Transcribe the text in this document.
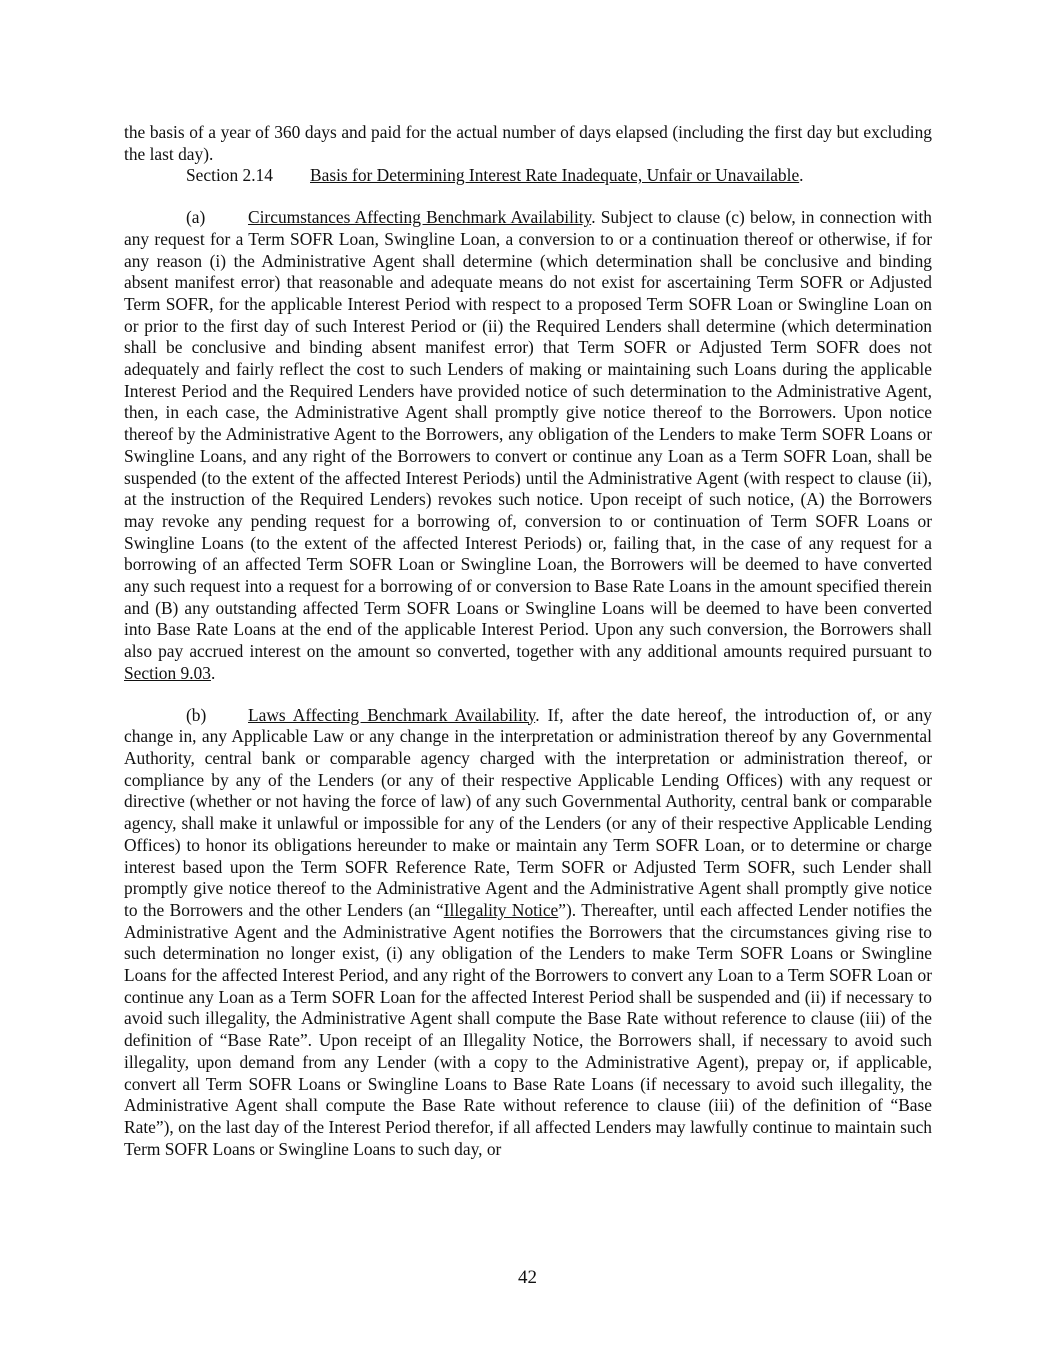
the basis of a year of 360 days and paid for the actual number of days elapsed (including the first day but excluding the last day).

Section 2.14 Basis for Determining Interest Rate Inadequate, Unfair or Unavailable.

(a) Circumstances Affecting Benchmark Availability. Subject to clause (c) below, in connection with any request for a Term SOFR Loan, Swingline Loan, a conversion to or a continuation thereof or otherwise, if for any reason (i) the Administrative Agent shall determine (which determination shall be conclusive and binding absent manifest error) that reasonable and adequate means do not exist for ascertaining Term SOFR or Adjusted Term SOFR, for the applicable Interest Period with respect to a proposed Term SOFR Loan or Swingline Loan on or prior to the first day of such Interest Period or (ii) the Required Lenders shall determine (which determination shall be conclusive and binding absent manifest error) that Term SOFR or Adjusted Term SOFR does not adequately and fairly reflect the cost to such Lenders of making or maintaining such Loans during the applicable Interest Period and the Required Lenders have provided notice of such determination to the Administrative Agent, then, in each case, the Administrative Agent shall promptly give notice thereof to the Borrowers. Upon notice thereof by the Administrative Agent to the Borrowers, any obligation of the Lenders to make Term SOFR Loans or Swingline Loans, and any right of the Borrowers to convert or continue any Loan as a Term SOFR Loan, shall be suspended (to the extent of the affected Interest Periods) until the Administrative Agent (with respect to clause (ii), at the instruction of the Required Lenders) revokes such notice. Upon receipt of such notice, (A) the Borrowers may revoke any pending request for a borrowing of, conversion to or continuation of Term SOFR Loans or Swingline Loans (to the extent of the affected Interest Periods) or, failing that, in the case of any request for a borrowing of an affected Term SOFR Loan or Swingline Loan, the Borrowers will be deemed to have converted any such request into a request for a borrowing of or conversion to Base Rate Loans in the amount specified therein and (B) any outstanding affected Term SOFR Loans or Swingline Loans will be deemed to have been converted into Base Rate Loans at the end of the applicable Interest Period. Upon any such conversion, the Borrowers shall also pay accrued interest on the amount so converted, together with any additional amounts required pursuant to Section 9.03.

(b) Laws Affecting Benchmark Availability. If, after the date hereof, the introduction of, or any change in, any Applicable Law or any change in the interpretation or administration thereof by any Governmental Authority, central bank or comparable agency charged with the interpretation or administration thereof, or compliance by any of the Lenders (or any of their respective Applicable Lending Offices) with any request or directive (whether or not having the force of law) of any such Governmental Authority, central bank or comparable agency, shall make it unlawful or impossible for any of the Lenders (or any of their respective Applicable Lending Offices) to honor its obligations hereunder to make or maintain any Term SOFR Loan, or to determine or charge interest based upon the Term SOFR Reference Rate, Term SOFR or Adjusted Term SOFR, such Lender shall promptly give notice thereof to the Administrative Agent and the Administrative Agent shall promptly give notice to the Borrowers and the other Lenders (an “Illegality Notice”). Thereafter, until each affected Lender notifies the Administrative Agent and the Administrative Agent notifies the Borrowers that the circumstances giving rise to such determination no longer exist, (i) any obligation of the Lenders to make Term SOFR Loans or Swingline Loans for the affected Interest Period, and any right of the Borrowers to convert any Loan to a Term SOFR Loan or continue any Loan as a Term SOFR Loan for the affected Interest Period shall be suspended and (ii) if necessary to avoid such illegality, the Administrative Agent shall compute the Base Rate without reference to clause (iii) of the definition of “Base Rate”. Upon receipt of an Illegality Notice, the Borrowers shall, if necessary to avoid such illegality, upon demand from any Lender (with a copy to the Administrative Agent), prepay or, if applicable, convert all Term SOFR Loans or Swingline Loans to Base Rate Loans (if necessary to avoid such illegality, the Administrative Agent shall compute the Base Rate without reference to clause (iii) of the definition of “Base Rate”), on the last day of the Interest Period therefor, if all affected Lenders may lawfully continue to maintain such Term SOFR Loans or Swingline Loans to such day, or

42
